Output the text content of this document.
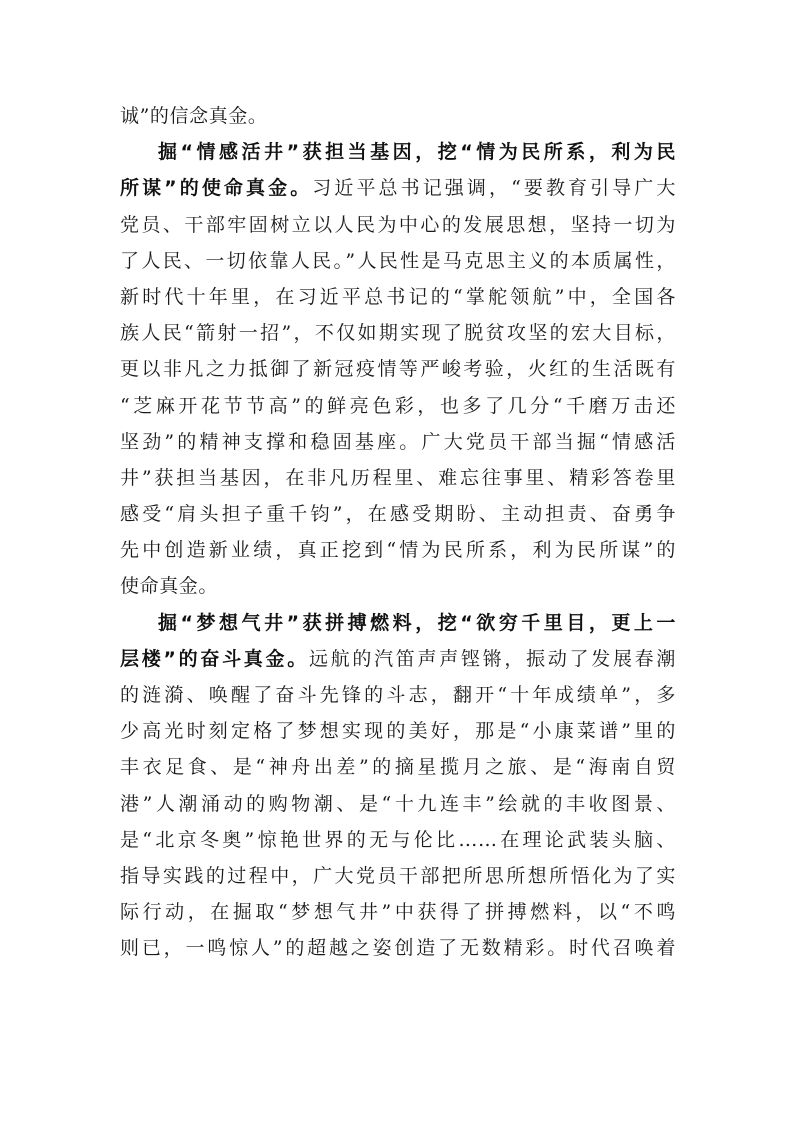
诚”的信念真金。
掘“情感活井”获担当基因，挖“情为民所系，利为民
所谋”的使命真金。习近平总书记强调，“要教育引导广大
党员、干部牢固树立以人民为中心的发展思想，坚持一切为
了人民、一切依靠人民。”人民性是马克思主义的本质属性，
新时代十年里，在习近平总书记的“掌舵领航”中，全国各
族人民“箭射一招”，不仅如期实现了脱贫攻坚的宏大目标，
更以非凡之力抵御了新冠疫情等严峻考验，火红的生活既有
“芝麻开花节节高”的鲜亮色彩，也多了几分“千磨万击还
坚劲”的精神支撑和稳固基座。广大党员干部当掘“情感活
井”获担当基因，在非凡历程里、难忘往事里、精彩答卷里
感受“肩头担子重千钧”，在感受期盼、主动担责、奋勇争
先中创造新业绩，真正挖到“情为民所系，利为民所谋”的
使命真金。
掘“梦想气井”获拼搏燃料，挖“欲穷千里目，更上一
层楼”的奋斗真金。远航的汽笛声声铿锵，振动了发展春潮
的涟漪、唤醒了奋斗先锋的斗志，翻开“十年成绩单”，多
少高光时刻定格了梦想实现的美好，那是“小康菜谱”里的
丰衣足食、是“神舟出差”的摘星揽月之旅、是“海南自贸
港”人潮涌动的购物潮、是“十九连丰”绘就的丰收图景、
是“北京冬奥”惊艳世界的无与伦比……在理论武装头脑、
指导实践的过程中，广大党员干部把所思所想所悟化为了实
际行动，在掘取“梦想气井”中获得了拼搏燃料，以“不鸣
则已，一鸣惊人”的超越之姿创造了无数精彩。时代召唤着
